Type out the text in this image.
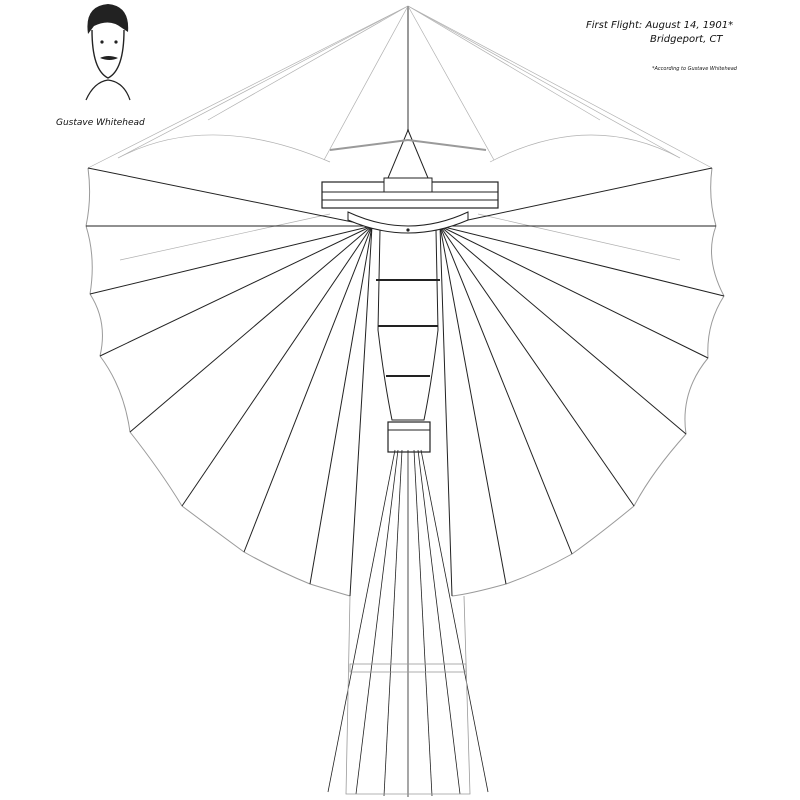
Gustave Whitehead
First Flight: August 14, 1901*
Bridgeport, CT
*According to Gustave Whitehead
